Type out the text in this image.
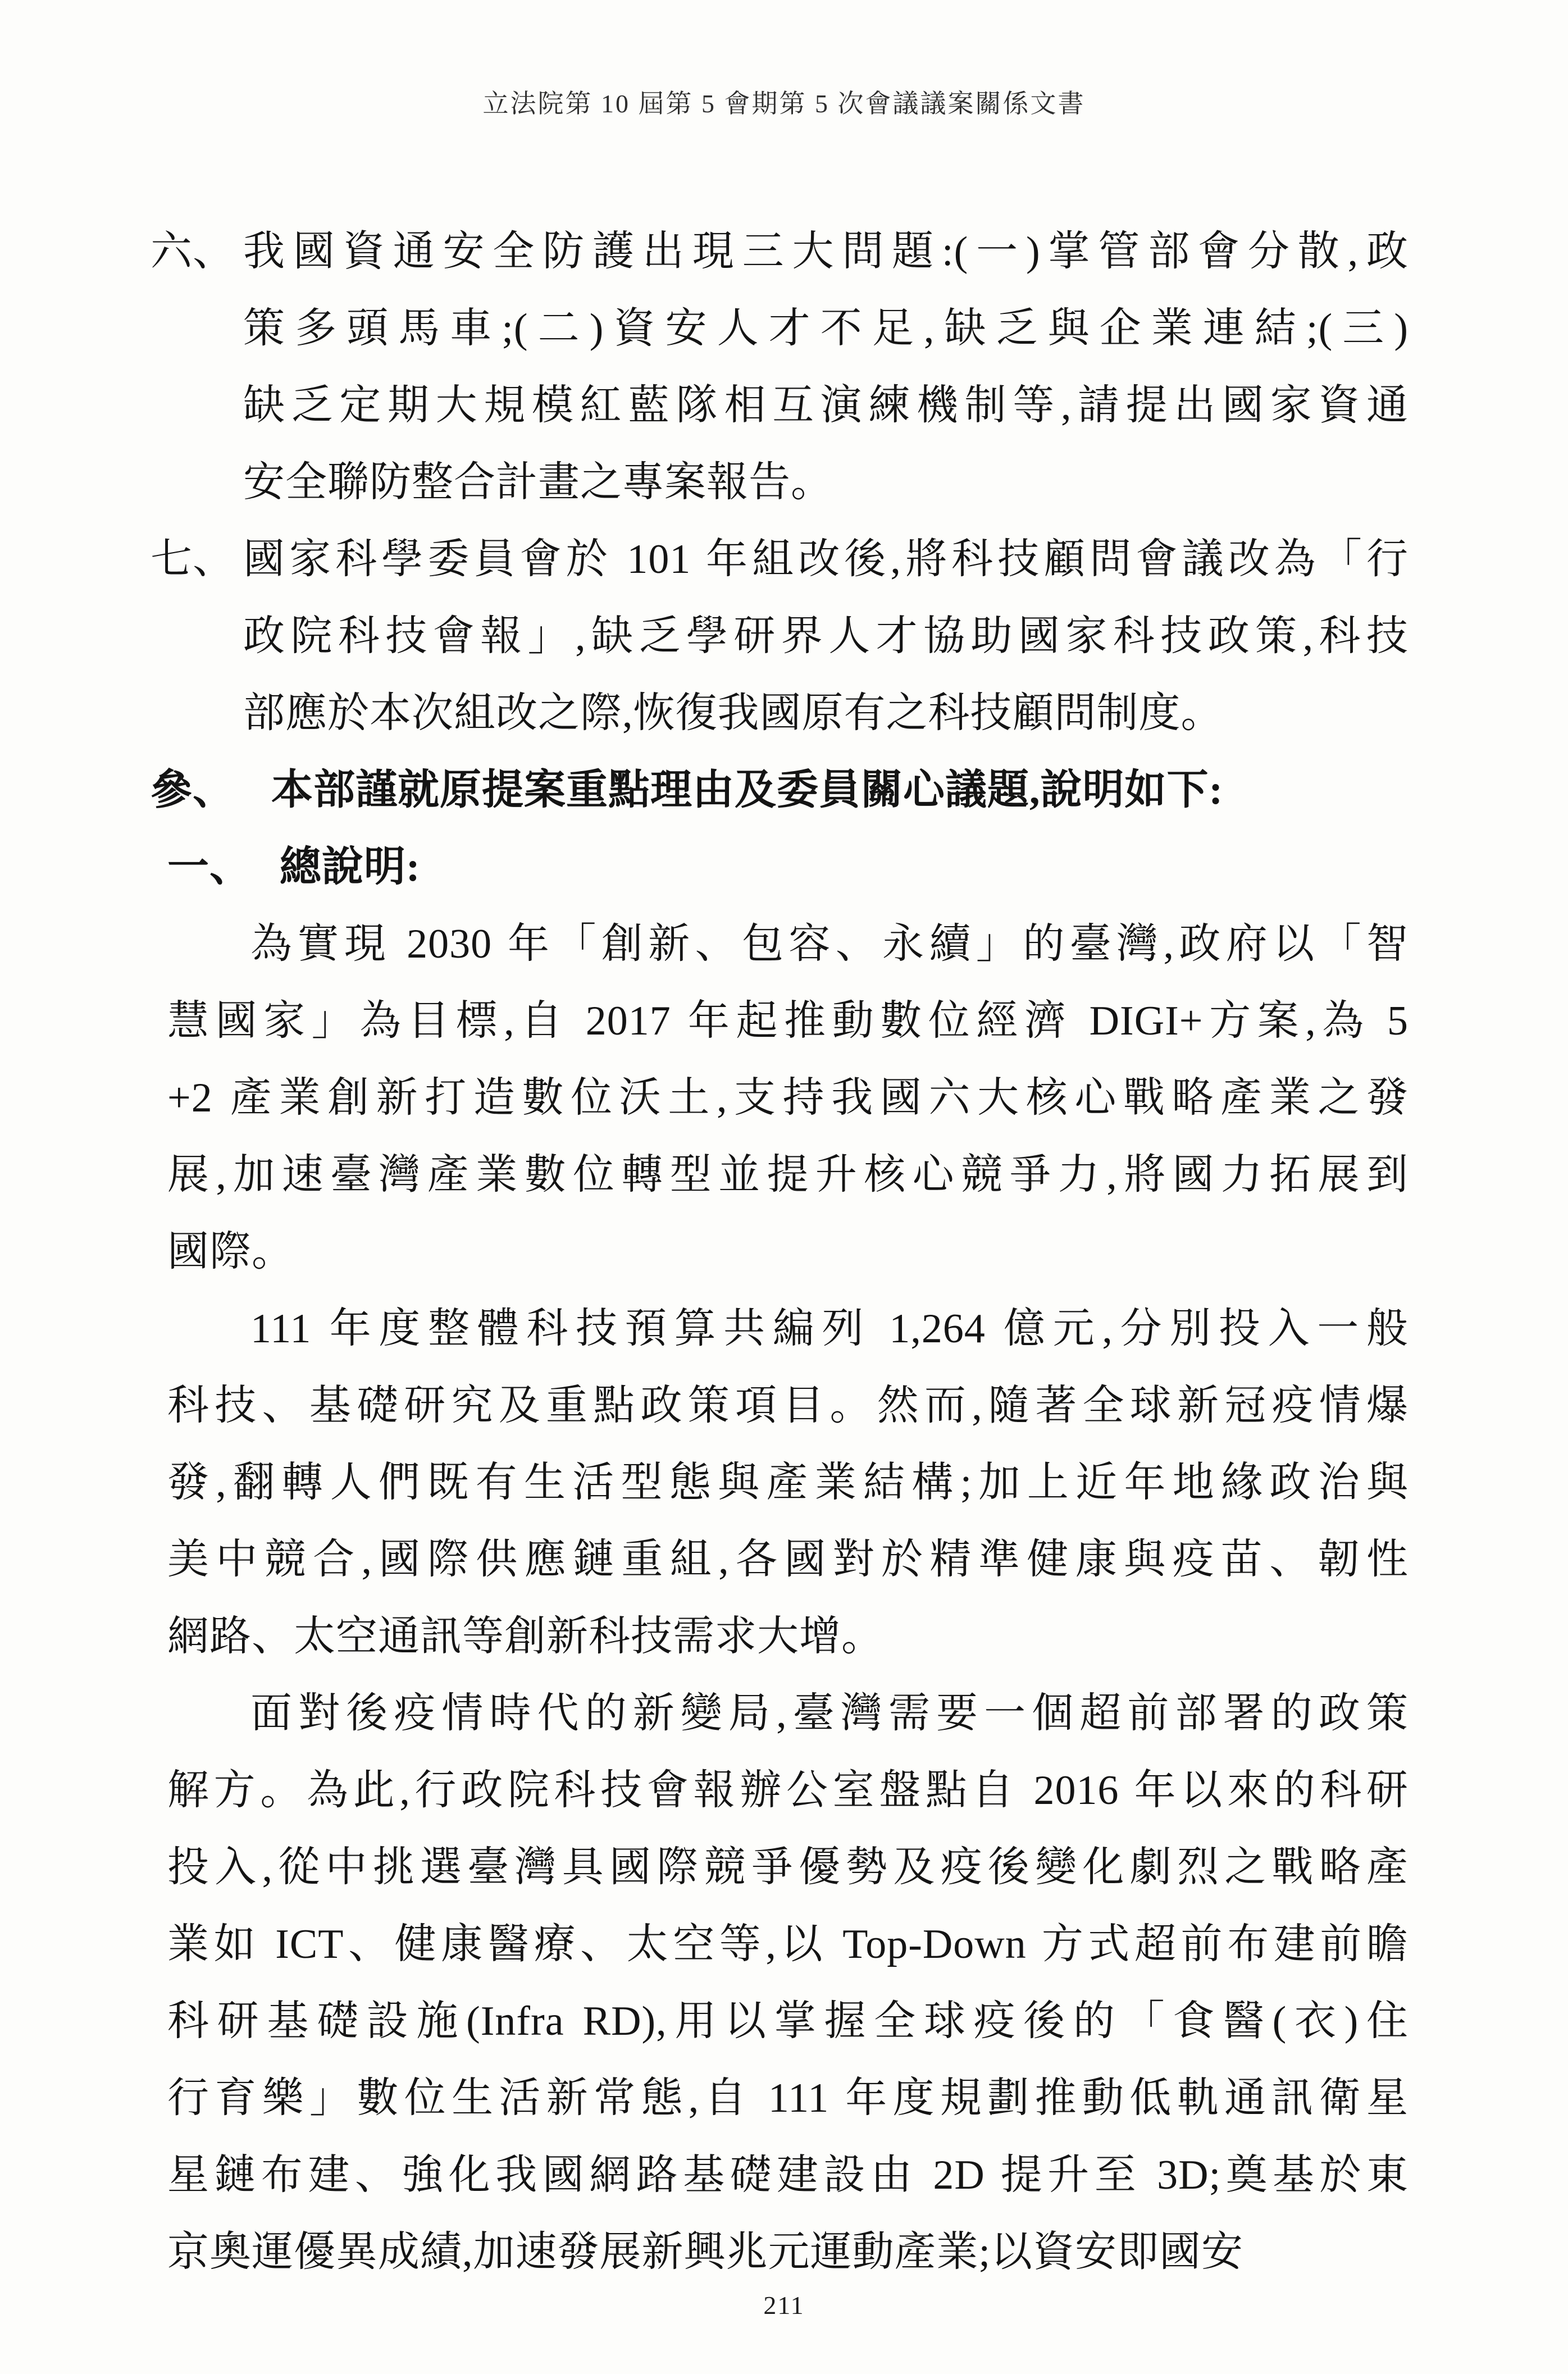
立法院第 10 屆第 5 會期第 5 次會議議案關係文書
六、 我國資通安全防護出現三大問題:(一)掌管部會分散,政
策多頭馬車;(二)資安人才不足,缺乏與企業連結;(三)
缺乏定期大規模紅藍隊相互演練機制等,請提出國家資通
安全聯防整合計畫之專案報告。
七、 國家科學委員會於 101 年組改後,將科技顧問會議改為「行
政院科技會報」,缺乏學研界人才協助國家科技政策,科技
部應於本次組改之際,恢復我國原有之科技顧問制度。
參、 本部謹就原提案重點理由及委員關心議題,說明如下:
一、 總說明:
為實現 2030 年「創新、包容、永續」的臺灣,政府以「智
慧國家」為目標,自 2017 年起推動數位經濟 DIGI+方案,為 5
+2 產業創新打造數位沃土,支持我國六大核心戰略產業之發
展,加速臺灣產業數位轉型並提升核心競爭力,將國力拓展到
國際。
111 年度整體科技預算共編列 1,264 億元,分別投入一般
科技、基礎研究及重點政策項目。然而,隨著全球新冠疫情爆
發,翻轉人們既有生活型態與產業結構;加上近年地緣政治與
美中競合,國際供應鏈重組,各國對於精準健康與疫苗、韌性
網路、太空通訊等創新科技需求大增。
面對後疫情時代的新變局,臺灣需要一個超前部署的政策
解方。為此,行政院科技會報辦公室盤點自 2016 年以來的科研
投入,從中挑選臺灣具國際競爭優勢及疫後變化劇烈之戰略產
業如 ICT、健康醫療、太空等,以 Top-Down 方式超前布建前瞻
科研基礎設施(Infra RD),用以掌握全球疫後的「食醫(衣)住
行育樂」數位生活新常態,自 111 年度規劃推動低軌通訊衛星
星鏈布建、強化我國網路基礎建設由 2D 提升至 3D;奠基於東
京奧運優異成績,加速發展新興兆元運動產業;以資安即國安
211
